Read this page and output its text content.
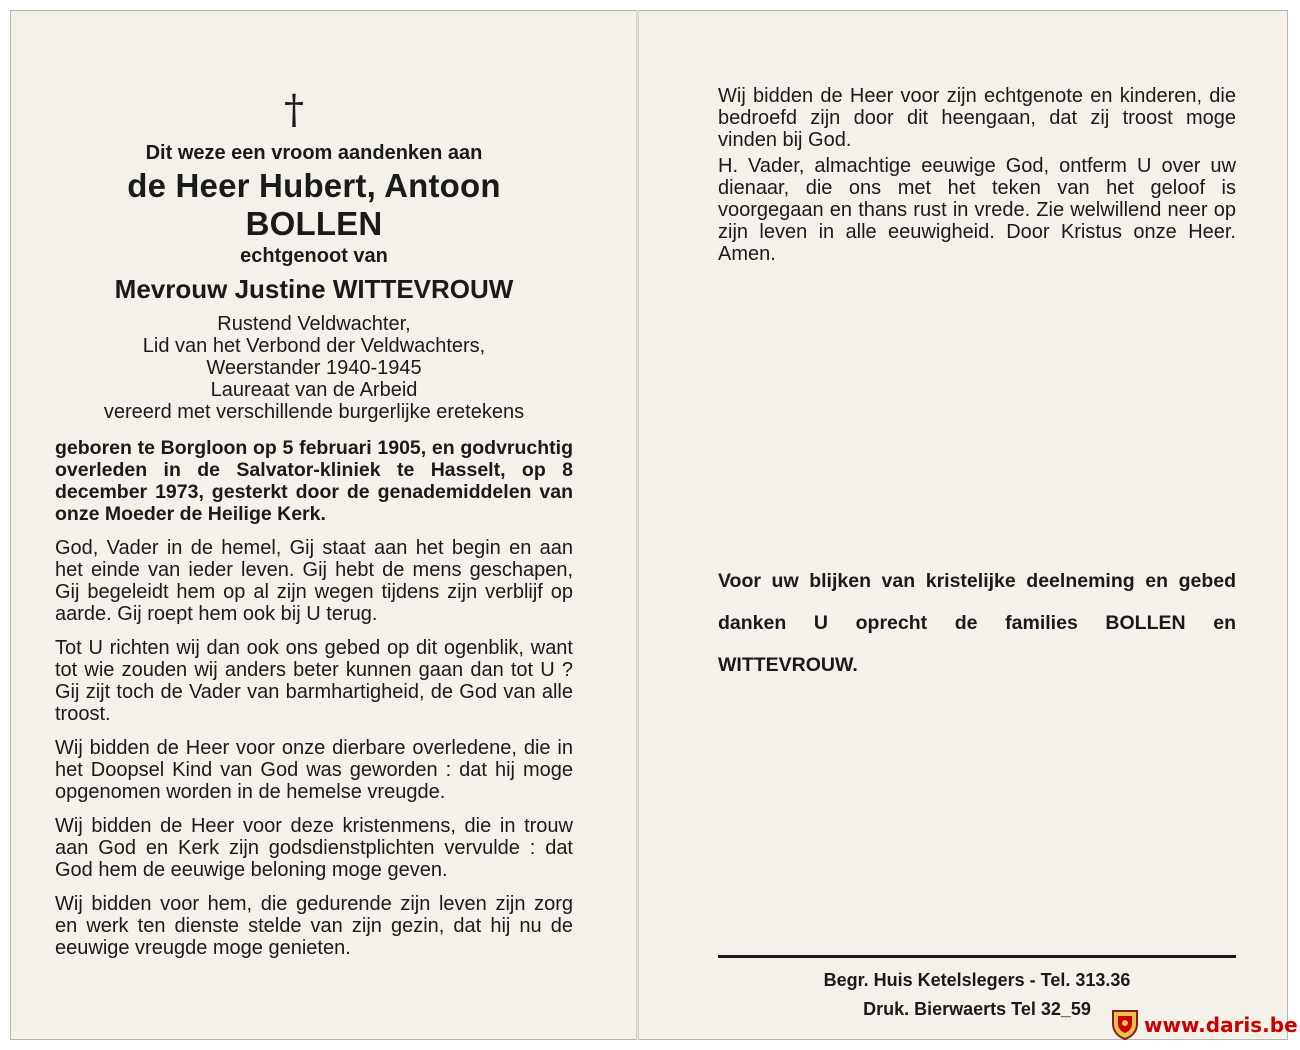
†
Dit weze een vroom aandenken aan
de Heer Hubert, Antoon BOLLEN
echtgenoot van
Mevrouw Justine WITTEVROUW
Rustend Veldwachter,
Lid van het Verbond der Veldwachters,
Weerstander 1940-1945
Laureaat van de Arbeid
vereerd met verschillende burgerlijke eretekens
geboren te Borgloon op 5 februari 1905, en godvruchtig overleden in de Salvator-kliniek te Hasselt, op 8 december 1973, gesterkt door de genademiddelen van onze Moeder de Heilige Kerk.
God, Vader in de hemel, Gij staat aan het begin en aan het einde van ieder leven. Gij hebt de mens geschapen, Gij begeleidt hem op al zijn wegen tijdens zijn verblijf op aarde. Gij roept hem ook bij U terug.
Tot U richten wij dan ook ons gebed op dit ogenblik, want tot wie zouden wij anders beter kunnen gaan dan tot U ? Gij zijt toch de Vader van barmhartigheid, de God van alle troost.
Wij bidden de Heer voor onze dierbare overledene, die in het Doopsel Kind van God was geworden : dat hij moge opgenomen worden in de hemelse vreugde.
Wij bidden de Heer voor deze kristenmens, die in trouw aan God en Kerk zijn godsdienstplichten vervulde : dat God hem de eeuwige beloning moge geven.
Wij bidden voor hem, die gedurende zijn leven zijn zorg en werk ten dienste stelde van zijn gezin, dat hij nu de eeuwige vreugde moge genieten.
Wij bidden de Heer voor zijn echtgenote en kinderen, die bedroefd zijn door dit heengaan, dat zij troost moge vinden bij God.
H. Vader, almachtige eeuwige God, ontferm U over uw dienaar, die ons met het teken van het geloof is voorgegaan en thans rust in vrede. Zie welwillend neer op zijn leven in alle eeuwigheid. Door Kristus onze Heer. Amen.
Voor uw blijken van kristelijke deelneming en gebed danken U oprecht de families BOLLEN en WITTEVROUW.
Begr. Huis Ketelslegers - Tel. 313.36
Druk. Bierwaerts Tel 32_59
www.daris.be
